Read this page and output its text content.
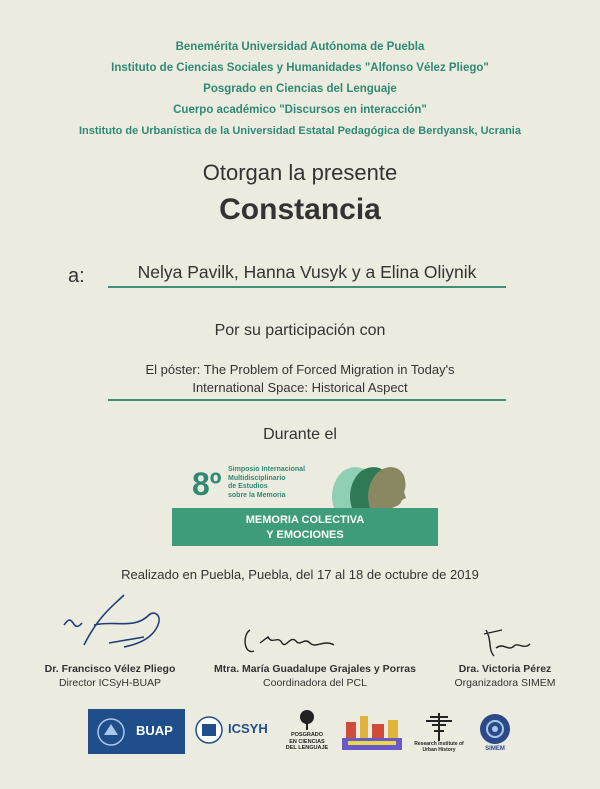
Benemérita Universidad Autónoma de Puebla
Instituto de Ciencias Sociales y Humanidades "Alfonso Vélez Pliego"
Posgrado en Ciencias del Lenguaje
Cuerpo académico "Discursos en interacción"
Instituto de Urbanística de la Universidad Estatal Pedagógica de Berdyansk, Ucrania
Otorgan la presente
Constancia
a:	Nelya Pavilk, Hanna Vusyk y a Elina Oliynik
Por su participación con
El póster: The Problem of Forced Migration in Today's
International Space: Historical Aspect
Durante el
8º Simposio Internacional
Multidisciplinario
de Estudios
sobre la Memoria
MEMORIA COLECTIVA
Y EMOCIONES
Realizado en Puebla, Puebla, del 17 al 18 de octubre de 2019
Dr. Francisco Vélez Pliego
Director ICSyH-BUAP
Mtra. María Guadalupe Grajales y Porras
Coordinadora del PCL
Dra. Victoria Pérez
Organizadora SIMEM
BUAP	ICSYH	POSGRADO
EN CIENCIAS
DEL LENGUAJE
Research institute of
Urban History	SIMEM
